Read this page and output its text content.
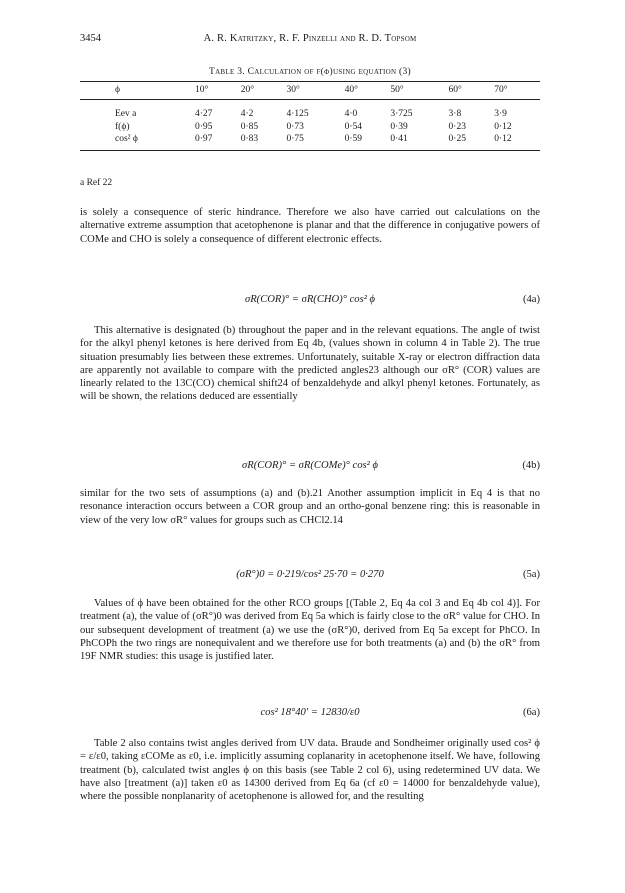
3454	A. R. Katritzky, R. F. Pinzelli and R. D. Topsom
Table 3. Calculation of f(ϕ)using equation (3)
ϕ	10°	20°	30°	40°	50°	60°	70°
Eev a	4·27	4·2	4·125	4·0	3·725	3·8	3·9
f(ϕ)	0·95	0·85	0·73	0·54	0·39	0·23	0·12
cos² ϕ	0·97	0·83	0·75	0·59	0·41	0·25	0·12
a Ref 22

is solely a consequence of steric hindrance. Therefore we also have carried out calculations on the alternative extreme assumption that acetophenone is planar and that the difference in conjugative powers of COMe and CHO is solely a consequence of different electronic effects.

σR(COR)° = σR(CHO)° cos² ϕ	(4a)

This alternative is designated (b) throughout the paper and in the relevant equations. The angle of twist for the alkyl phenyl ketones is here derived from Eq 4b, (values shown in column 4 in Table 2). The true situation presumably lies between these extremes. Unfortunately, suitable X-ray or electron diffraction data are apparently not available to compare with the predicted angles23 although our σR° (COR) values are linearly related to the 13C(CO) chemical shift24 of benzaldehyde and alkyl phenyl ketones. Fortunately, as will be shown, the relations deduced are essentially

σR(COR)° = σR(COMe)° cos² ϕ	(4b)

similar for the two sets of assumptions (a) and (b).21 Another assumption implicit in Eq 4 is that no resonance interaction occurs between a COR group and an ortho-gonal benzene ring: this is reasonable in view of the very low σR° values for groups such as CHCl2.14

(σR°)0 = 0·219/cos² 25·70 = 0·270	(5a)

Values of ϕ have been obtained for the other RCO groups [(Table 2, Eq 4a col 3 and Eq 4b col 4)]. For treatment (a), the value of (σR°)0 was derived from Eq 5a which is fairly close to the σR° value for CHO. In our subsequent development of treatment (a) we use the (σR°)0, derived from Eq 5a except for PhCO. In PhCOPh the two rings are nonequivalent and we therefore use for both treatments (a) and (b) the σR° from 19F NMR studies: this usage is justified later.

cos² 18°40′ = 12830/ε0	(6a)

Table 2 also contains twist angles derived from UV data. Braude and Sondheimer originally used cos² ϕ = ε/ε0, taking εCOMe as ε0, i.e. implicitly assuming coplanarity in acetophenone itself. We have, following treatment (b), calculated twist angles ϕ on this basis (see Table 2 col 6), using redetermined UV data. We have also [treatment (a)] taken ε0 as 14300 derived from Eq 6a (cf ε0 = 14000 for benzaldehyde value), where the possible nonplanarity of acetophenone is allowed for, and the resulting
